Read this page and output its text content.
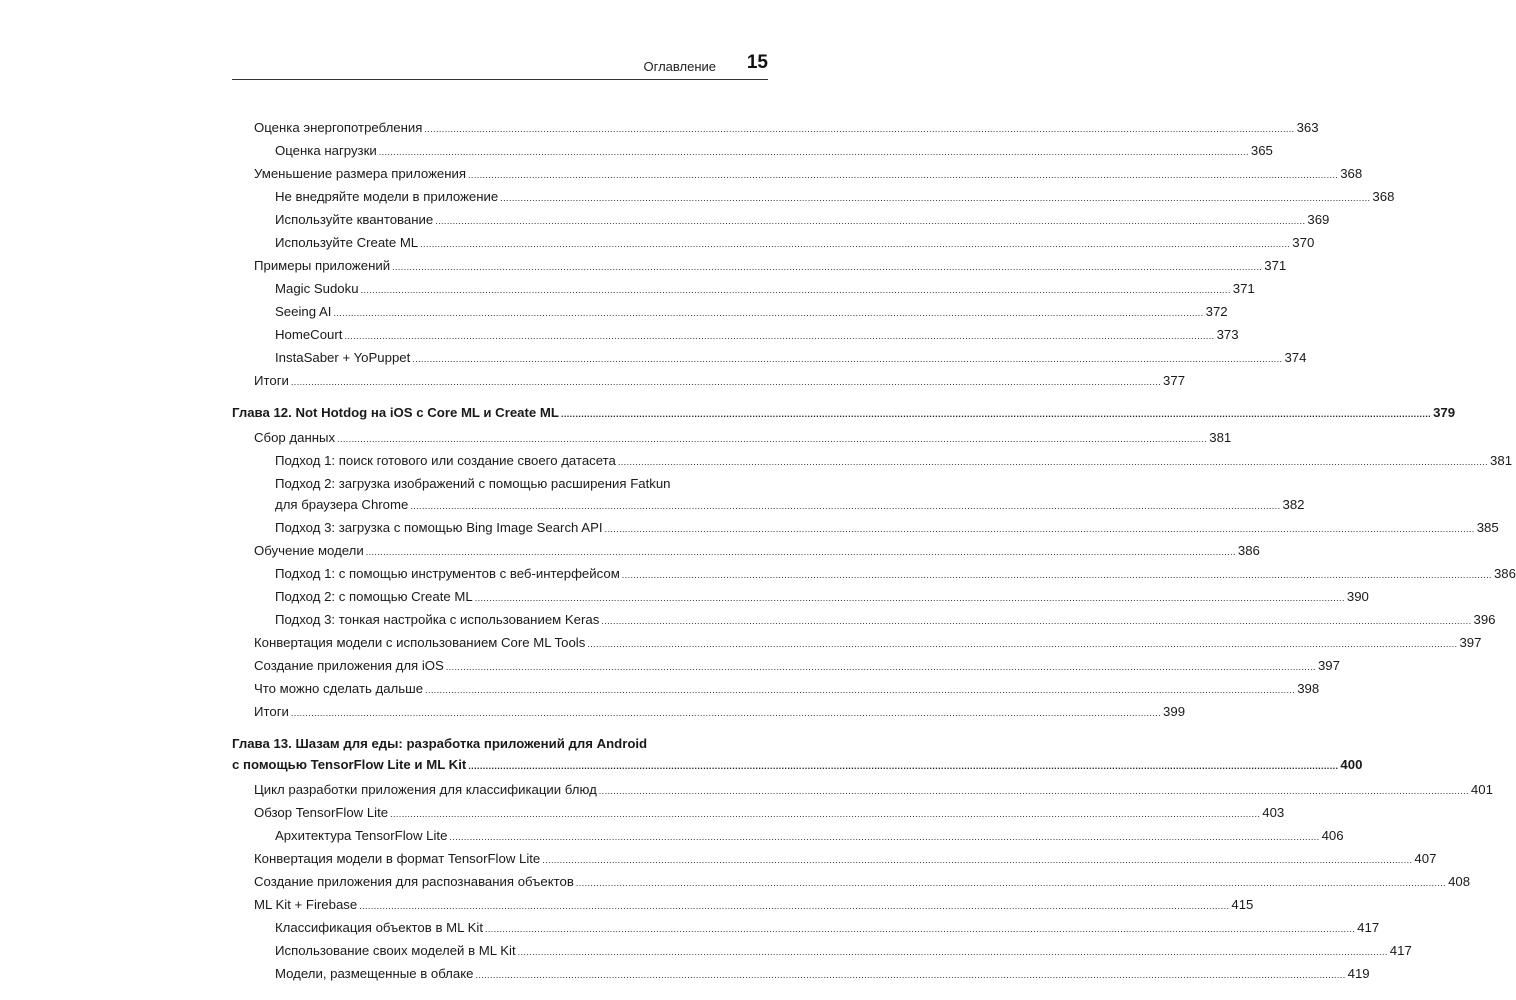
Оглавление 15
Оценка энергопотребления ............................................................................................................................................................................................................................................................................................................ 363
Оценка нагрузки ............................................................................................................................................................................................................................................................................................................ 365
Уменьшение размера приложения ............................................................................................................................................................................................................................................................................................................ 368
Не внедряйте модели в приложение ............................................................................................................................................................................................................................................................................................................ 368
Используйте квантование ............................................................................................................................................................................................................................................................................................................ 369
Используйте Create ML ............................................................................................................................................................................................................................................................................................................ 370
Примеры приложений ............................................................................................................................................................................................................................................................................................................ 371
Magic Sudoku ............................................................................................................................................................................................................................................................................................................ 371
Seeing AI ............................................................................................................................................................................................................................................................................................................ 372
HomeCourt ............................................................................................................................................................................................................................................................................................................ 373
InstaSaber + YoPuppet ............................................................................................................................................................................................................................................................................................................ 374
Итоги ............................................................................................................................................................................................................................................................................................................ 377
Глава 12. Not Hotdog на iOS с Core ML и Create ML ............................................................................................................................................................................................................................................................................................................ 379
Сбор данных ............................................................................................................................................................................................................................................................................................................ 381
Подход 1: поиск готового или создание своего датасета ............................................................................................................................................................................................................................................................................................................ 381
Подход 2: загрузка изображений с помощью расширения Fatkun
для браузера Chrome ............................................................................................................................................................................................................................................................................................................ 382
Подход 3: загрузка с помощью Bing Image Search API ............................................................................................................................................................................................................................................................................................................ 385
Обучение модели ............................................................................................................................................................................................................................................................................................................ 386
Подход 1: с помощью инструментов с веб-интерфейсом ............................................................................................................................................................................................................................................................................................................ 386
Подход 2: с помощью Create ML ............................................................................................................................................................................................................................................................................................................ 390
Подход 3: тонкая настройка с использованием Keras ............................................................................................................................................................................................................................................................................................................ 396
Конвертация модели с использованием Core ML Tools ............................................................................................................................................................................................................................................................................................................ 397
Создание приложения для iOS ............................................................................................................................................................................................................................................................................................................ 397
Что можно сделать дальше ............................................................................................................................................................................................................................................................................................................ 398
Итоги ............................................................................................................................................................................................................................................................................................................ 399
Глава 13. Шазам для еды: разработка приложений для Android
с помощью TensorFlow Lite и ML Kit ............................................................................................................................................................................................................................................................................................................ 400
Цикл разработки приложения для классификации блюд ............................................................................................................................................................................................................................................................................................................ 401
Обзор TensorFlow Lite ............................................................................................................................................................................................................................................................................................................ 403
Архитектура TensorFlow Lite ............................................................................................................................................................................................................................................................................................................ 406
Конвертация модели в формат TensorFlow Lite ............................................................................................................................................................................................................................................................................................................ 407
Создание приложения для распознавания объектов ............................................................................................................................................................................................................................................................................................................ 408
ML Kit + Firebase ............................................................................................................................................................................................................................................................................................................ 415
Классификация объектов в ML Kit ............................................................................................................................................................................................................................................................................................................ 417
Использование своих моделей в ML Kit ............................................................................................................................................................................................................................................................................................................ 417
Модели, размещенные в облаке ............................................................................................................................................................................................................................................................................................................ 419
